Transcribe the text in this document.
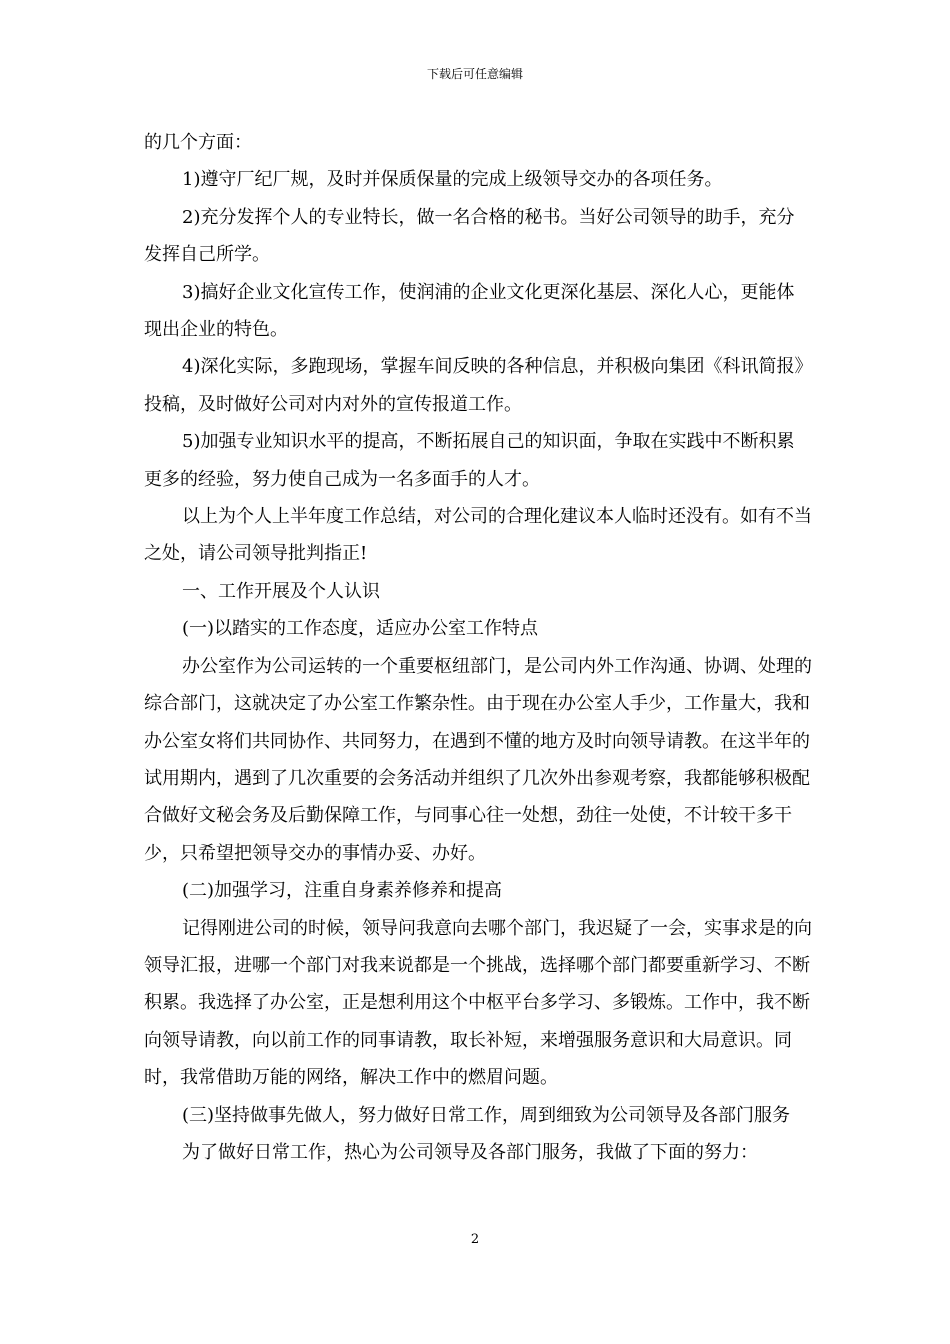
下载后可任意编辑

的几个方面：

1)遵守厂纪厂规，及时并保质保量的完成上级领导交办的各项任务。

2)充分发挥个人的专业特长，做一名合格的秘书。当好公司领导的助手，充分发挥自己所学。

3)搞好企业文化宣传工作，使润浦的企业文化更深化基层、深化人心，更能体现出企业的特色。

4)深化实际，多跑现场，掌握车间反映的各种信息，并积极向集团《科讯简报》投稿，及时做好公司对内对外的宣传报道工作。

5)加强专业知识水平的提高，不断拓展自己的知识面，争取在实践中不断积累更多的经验，努力使自己成为一名多面手的人才。

以上为个人上半年度工作总结，对公司的合理化建议本人临时还没有。如有不当之处，请公司领导批判指正!

一、工作开展及个人认识

(一)以踏实的工作态度，适应办公室工作特点

办公室作为公司运转的一个重要枢纽部门，是公司内外工作沟通、协调、处理的综合部门，这就决定了办公室工作繁杂性。由于现在办公室人手少，工作量大，我和办公室女将们共同协作、共同努力，在遇到不懂的地方及时向领导请教。在这半年的试用期内，遇到了几次重要的会务活动并组织了几次外出参观考察，我都能够积极配合做好文秘会务及后勤保障工作，与同事心往一处想，劲往一处使，不计较干多干少，只希望把领导交办的事情办妥、办好。

(二)加强学习，注重自身素养修养和提高

记得刚进公司的时候，领导问我意向去哪个部门，我迟疑了一会，实事求是的向领导汇报，进哪一个部门对我来说都是一个挑战，选择哪个部门都要重新学习、不断积累。我选择了办公室，正是想利用这个中枢平台多学习、多锻炼。工作中，我不断向领导请教，向以前工作的同事请教，取长补短，来增强服务意识和大局意识。同时，我常借助万能的网络，解决工作中的燃眉问题。

(三)坚持做事先做人，努力做好日常工作，周到细致为公司领导及各部门服务

为了做好日常工作，热心为公司领导及各部门服务，我做了下面的努力：

2
